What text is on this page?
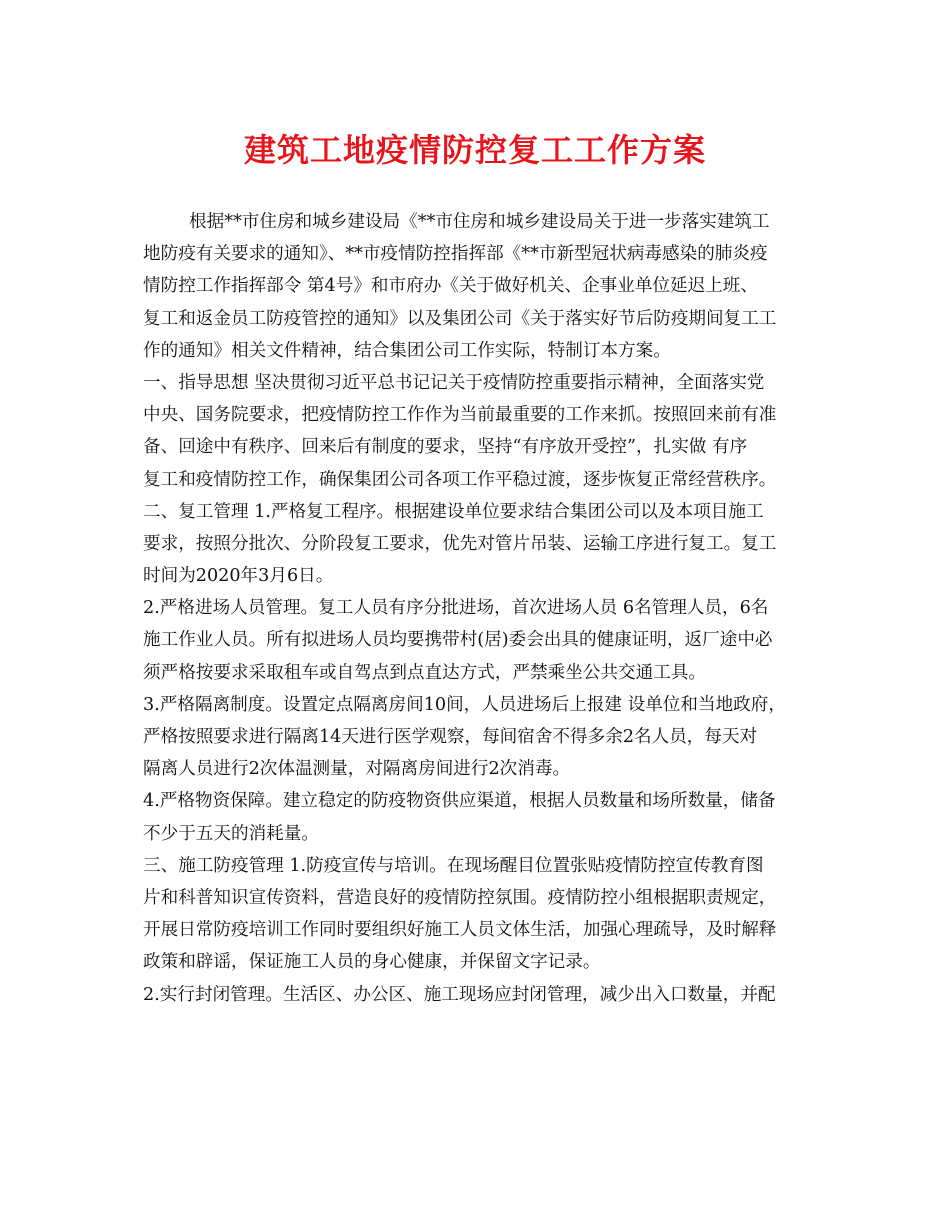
建筑工地疫情防控复工工作方案
根据**市住房和城乡建设局《**市住房和城乡建设局关于进一步落实建筑工
地防疫有关要求的通知》、**市疫情防控指挥部《**市新型冠状病毒感染的肺炎疫
情防控工作指挥部令 第4号》和市府办《关于做好机关、企事业单位延迟上班、
复工和返金员工防疫管控的通知》以及集团公司《关于落实好节后防疫期间复工工
作的通知》相关文件精神，结合集团公司工作实际，特制订本方案。
一、指导思想 坚决贯彻习近平总书记记关于疫情防控重要指示精神，全面落实党
中央、国务院要求，把疫情防控工作作为当前最重要的工作来抓。按照回来前有准
备、回途中有秩序、回来后有制度的要求，坚持“有序放开受控”，扎实做 有序
复工和疫情防控工作，确保集团公司各项工作平稳过渡，逐步恢复正常经营秩序。
二、复工管理 1.严格复工程序。根据建设单位要求结合集团公司以及本项目施工
要求，按照分批次、分阶段复工要求，优先对管片吊装、运输工序进行复工。复工
时间为2020年3月6日。
2.严格进场人员管理。复工人员有序分批进场，首次进场人员 6名管理人员，6名
施工作业人员。所有拟进场人员均要携带村(居)委会出具的健康证明，返厂途中必
须严格按要求采取租车或自驾点到点直达方式，严禁乘坐公共交通工具。
3.严格隔离制度。设置定点隔离房间10间，人员进场后上报建 设单位和当地政府，
严格按照要求进行隔离14天进行医学观察，每间宿舍不得多余2名人员，每天对
隔离人员进行2次体温测量，对隔离房间进行2次消毒。
4.严格物资保障。建立稳定的防疫物资供应渠道，根据人员数量和场所数量，储备
不少于五天的消耗量。
三、施工防疫管理 1.防疫宣传与培训。在现场醒目位置张贴疫情防控宣传教育图
片和科普知识宣传资料，营造良好的疫情防控氛围。疫情防控小组根据职责规定，
开展日常防疫培训工作同时要组织好施工人员文体生活，加强心理疏导，及时解释
政策和辟谣，保证施工人员的身心健康，并保留文字记录。
2.实行封闭管理。生活区、办公区、施工现场应封闭管理，减少出入口数量，并配
